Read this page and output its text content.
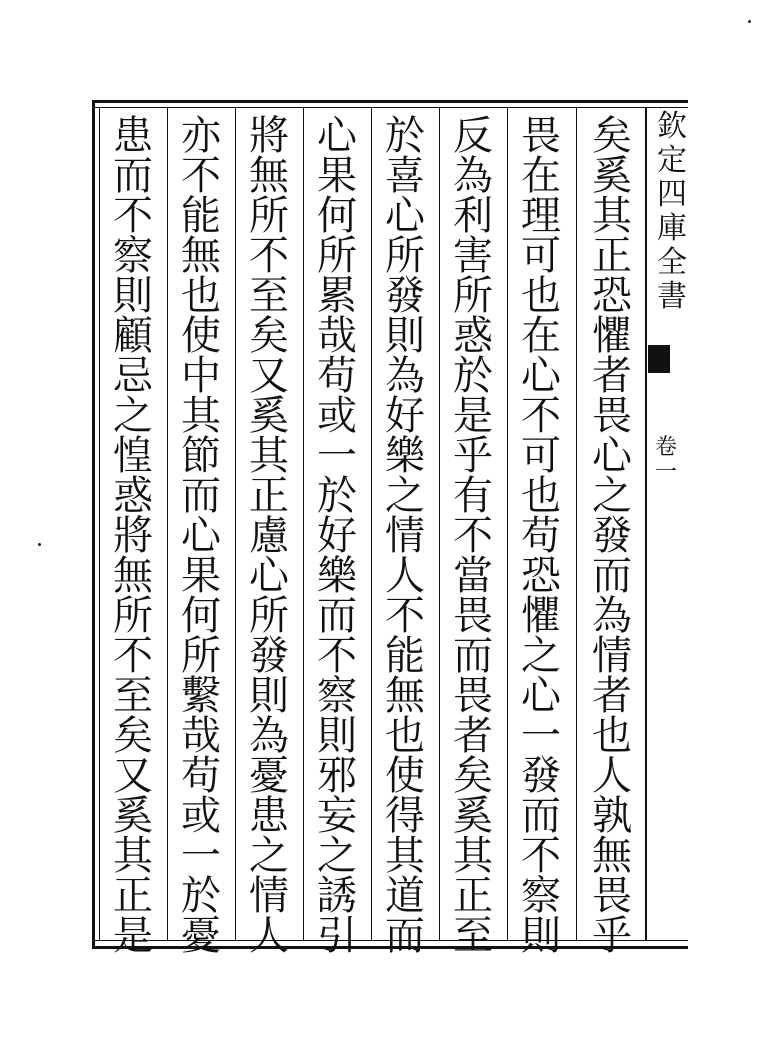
欽
定
四
庫
全
書
卷
一
矣
奚
其
正
恐
懼
者
畏
心
之
發
而
為
情
者
也
人
孰
無
畏
乎
畏
在
理
可
也
在
心
不
可
也
苟
恐
懼
之
心
一
發
而
不
察
則
反
為
利
害
所
惑
於
是
乎
有
不
當
畏
而
畏
者
矣
奚
其
正
至
於
喜
心
所
發
則
為
好
樂
之
情
人
不
能
無
也
使
得
其
道
而
心
果
何
所
累
哉
苟
或
一
於
好
樂
而
不
察
則
邪
妄
之
誘
引
將
無
所
不
至
矣
又
奚
其
正
慮
心
所
發
則
為
憂
患
之
情
人
亦
不
能
無
也
使
中
其
節
而
心
果
何
所
繫
哉
苟
或
一
於
憂
患
而
不
察
則
顧
忌
之
惶
惑
將
無
所
不
至
矣
又
奚
其
正
是
